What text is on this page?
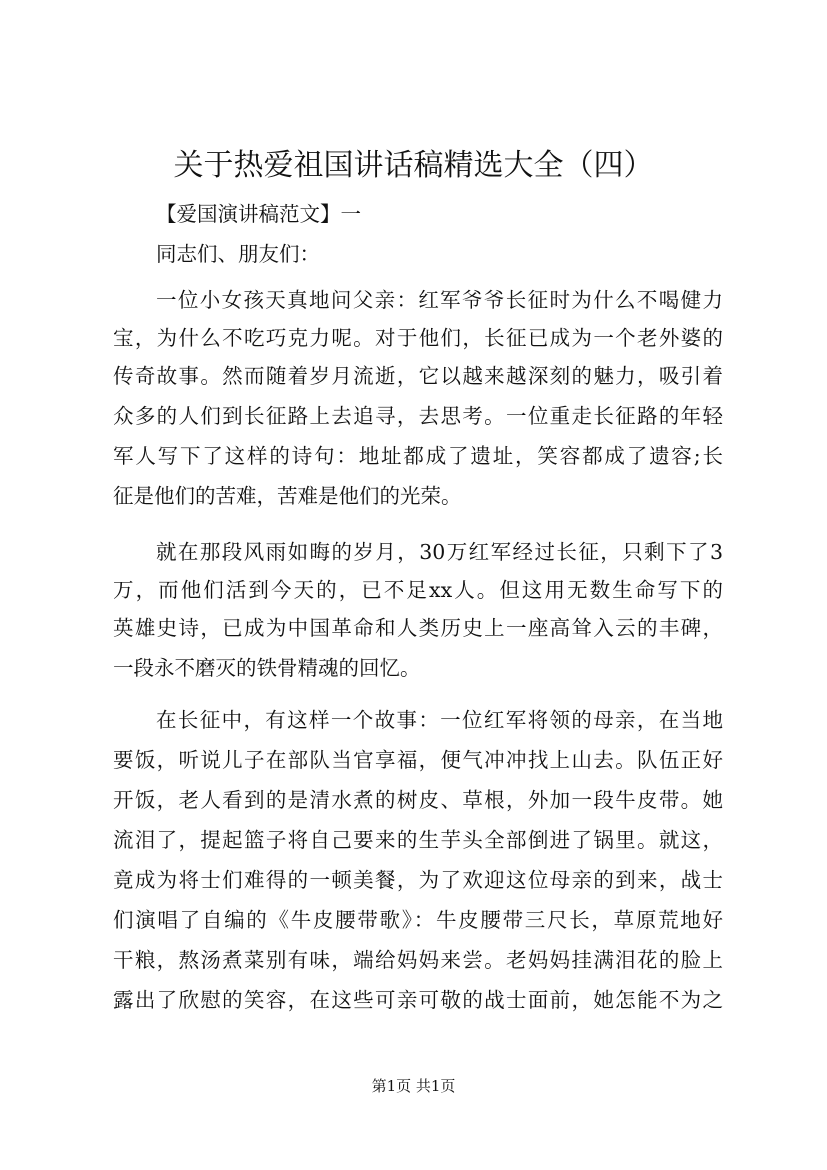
关于热爱祖国讲话稿精选大全（四）
【爱国演讲稿范文】一
同志们、朋友们：
一位小女孩天真地问父亲：红军爷爷长征时为什么不喝健力
宝，为什么不吃巧克力呢。对于他们，长征已成为一个老外婆的
传奇故事。然而随着岁月流逝，它以越来越深刻的魅力，吸引着
众多的人们到长征路上去追寻，去思考。一位重走长征路的年轻
军人写下了这样的诗句：地址都成了遗址，笑容都成了遗容;长
征是他们的苦难，苦难是他们的光荣。
就在那段风雨如晦的岁月，30万红军经过长征，只剩下了3
万，而他们活到今天的，已不足xx人。但这用无数生命写下的
英雄史诗，已成为中国革命和人类历史上一座高耸入云的丰碑，
一段永不磨灭的铁骨精魂的回忆。
在长征中，有这样一个故事：一位红军将领的母亲，在当地
要饭，听说儿子在部队当官享福，便气冲冲找上山去。队伍正好
开饭，老人看到的是清水煮的树皮、草根，外加一段牛皮带。她
流泪了，提起篮子将自己要来的生芋头全部倒进了锅里。就这，
竟成为将士们难得的一顿美餐，为了欢迎这位母亲的到来，战士
们演唱了自编的《牛皮腰带歌》：牛皮腰带三尺长，草原荒地好
干粮，熬汤煮菜别有味，端给妈妈来尝。老妈妈挂满泪花的脸上
露出了欣慰的笑容，在这些可亲可敬的战士面前，她怎能不为之
第1页 共1页
